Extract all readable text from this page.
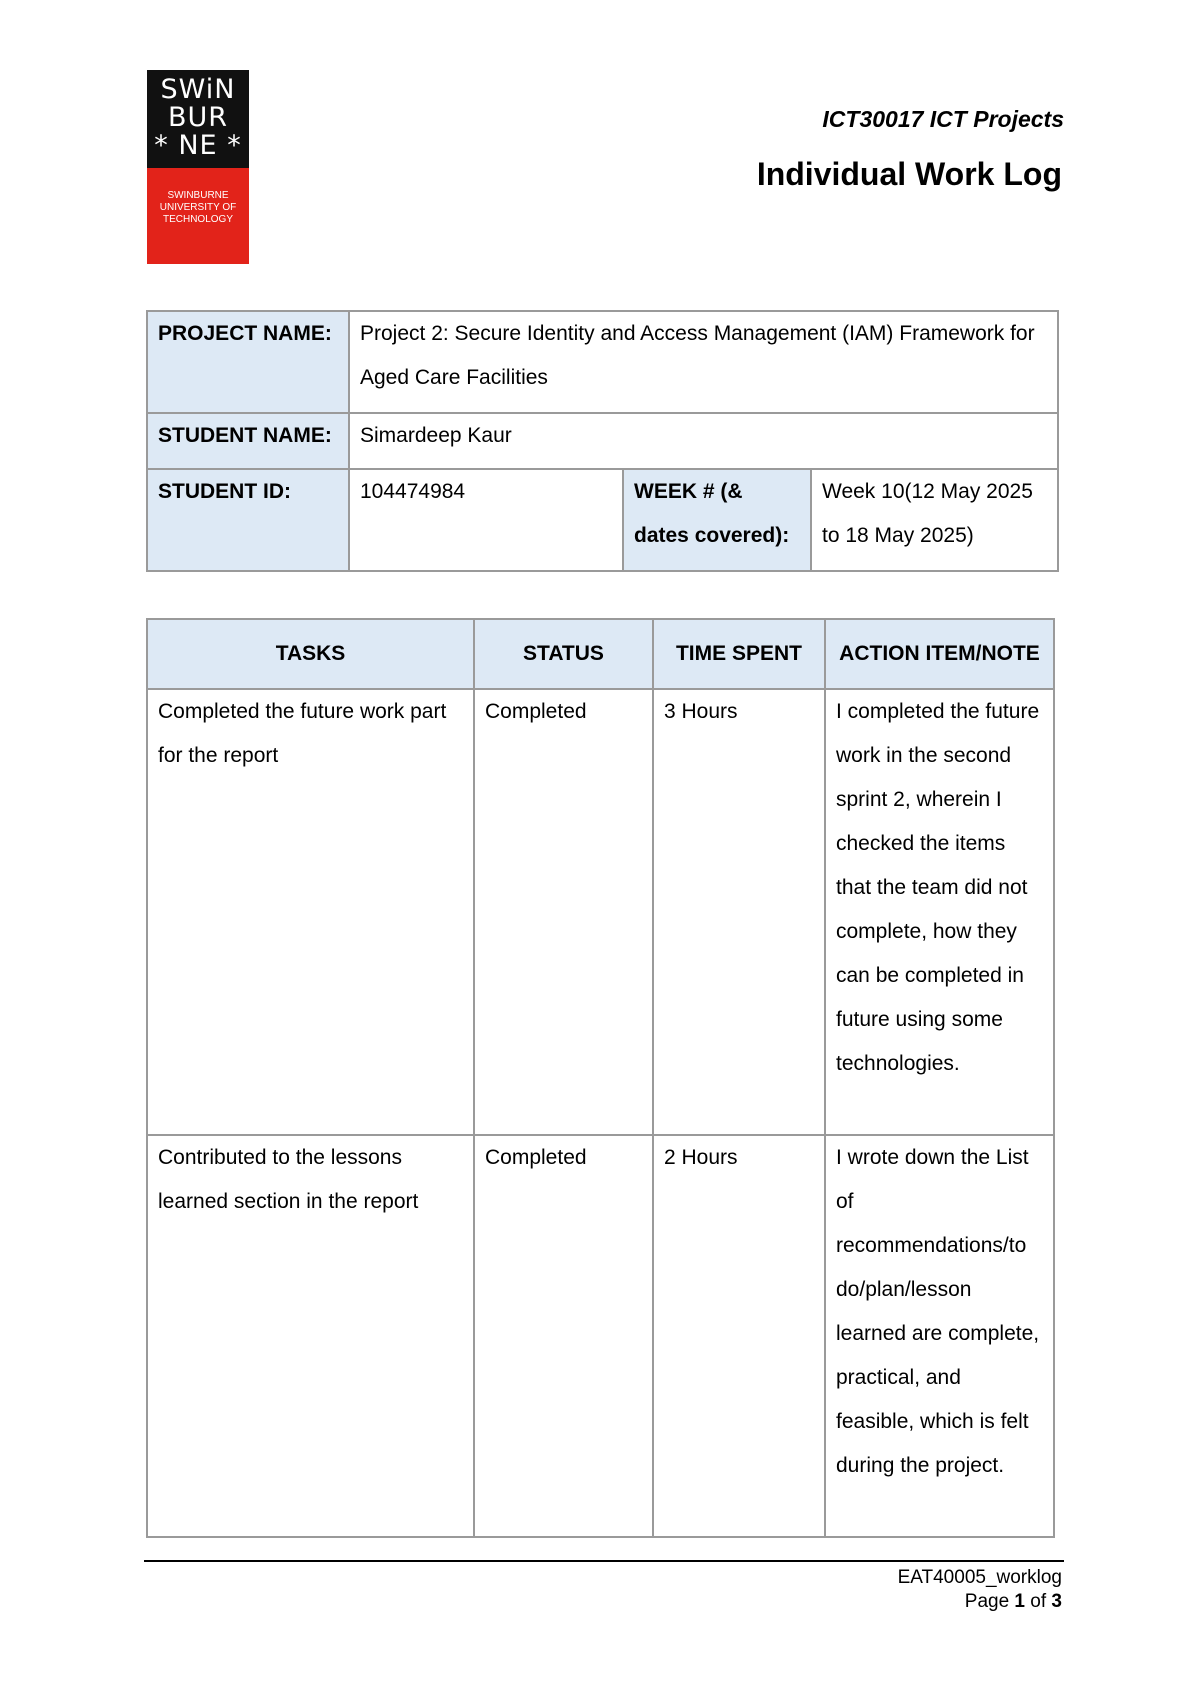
SWiN
BUR
* NE *
SWINBURNE
UNIVERSITY OF
TECHNOLOGY
ICT30017 ICT Projects
Individual Work Log
PROJECT NAME:	Project 2: Secure Identity and Access Management (IAM) Framework for Aged Care Facilities		
STUDENT NAME:	Simardeep Kaur		
STUDENT ID:	104474984	WEEK # (& dates covered):	Week 10(12 May 2025 to 18 May 2025)
TASKS	STATUS	TIME SPENT	ACTION ITEM/NOTE
Completed the future work part for the report	Completed	3 Hours	I completed the future work in the second sprint 2, wherein I checked the items that the team did not complete, how they can be completed in future using some technologies.
Contributed to the lessons learned section in the report	Completed	2 Hours	I wrote down the List of recommendations/to do/plan/lesson learned are complete, practical, and feasible, which is felt during the project.
EAT40005_worklog
Page 1 of 3
